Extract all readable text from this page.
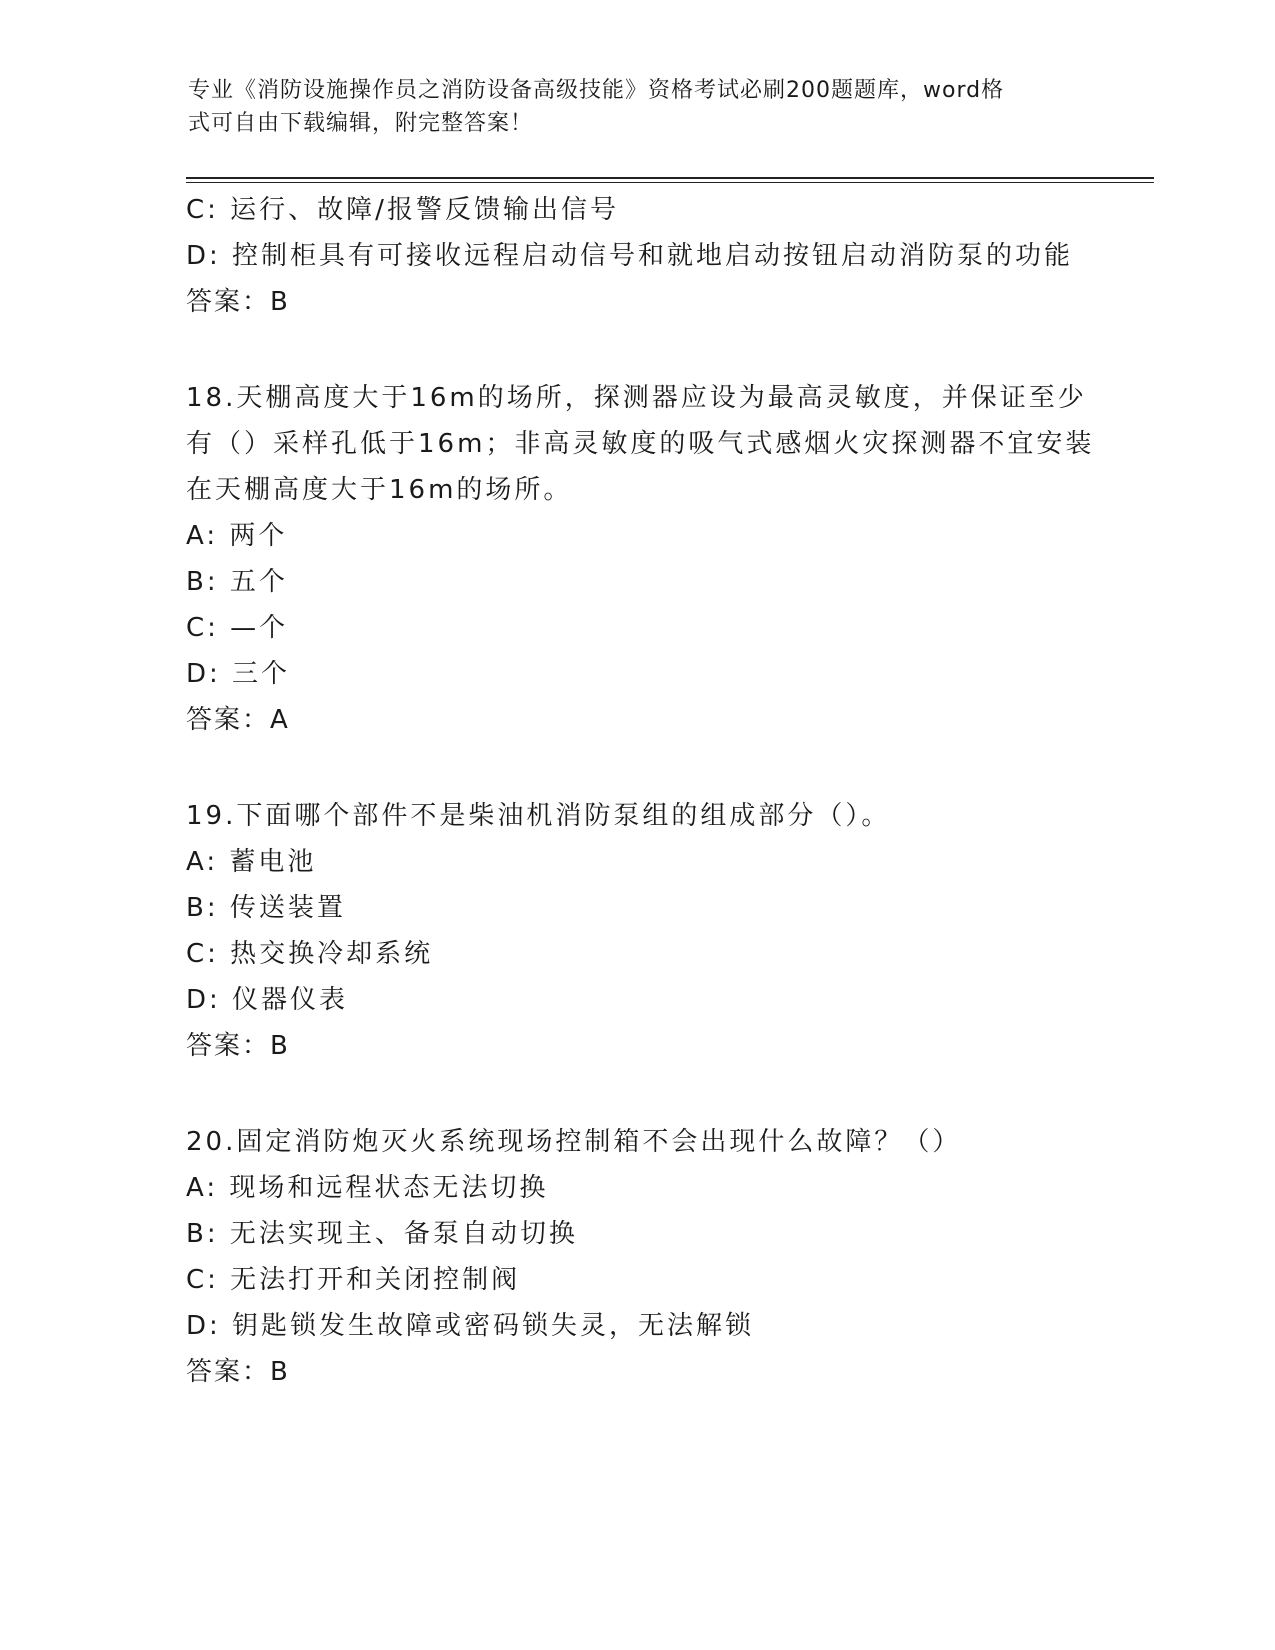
专业《消防设施操作员之消防设备高级技能》资格考试必刷200题题库，word格
式可自由下载编辑，附完整答案！
C: 运行、故障/报警反馈输出信号
D: 控制柜具有可接收远程启动信号和就地启动按钮启动消防泵的功能
答案：B
18.天棚高度大于16m的场所，探测器应设为最高灵敏度，并保证至少
有（）采样孔低于16m；非高灵敏度的吸气式感烟火灾探测器不宜安装
在天棚高度大于16m的场所。
A: 两个
B: 五个
C: —个
D: 三个
答案：A
19.下面哪个部件不是柴油机消防泵组的组成部分（）。
A: 蓄电池
B: 传送装置
C: 热交换冷却系统
D: 仪器仪表
答案：B
20.固定消防炮灭火系统现场控制箱不会出现什么故障？（）
A: 现场和远程状态无法切换
B: 无法实现主、备泵自动切换
C: 无法打开和关闭控制阀
D: 钥匙锁发生故障或密码锁失灵，无法解锁
答案：B
